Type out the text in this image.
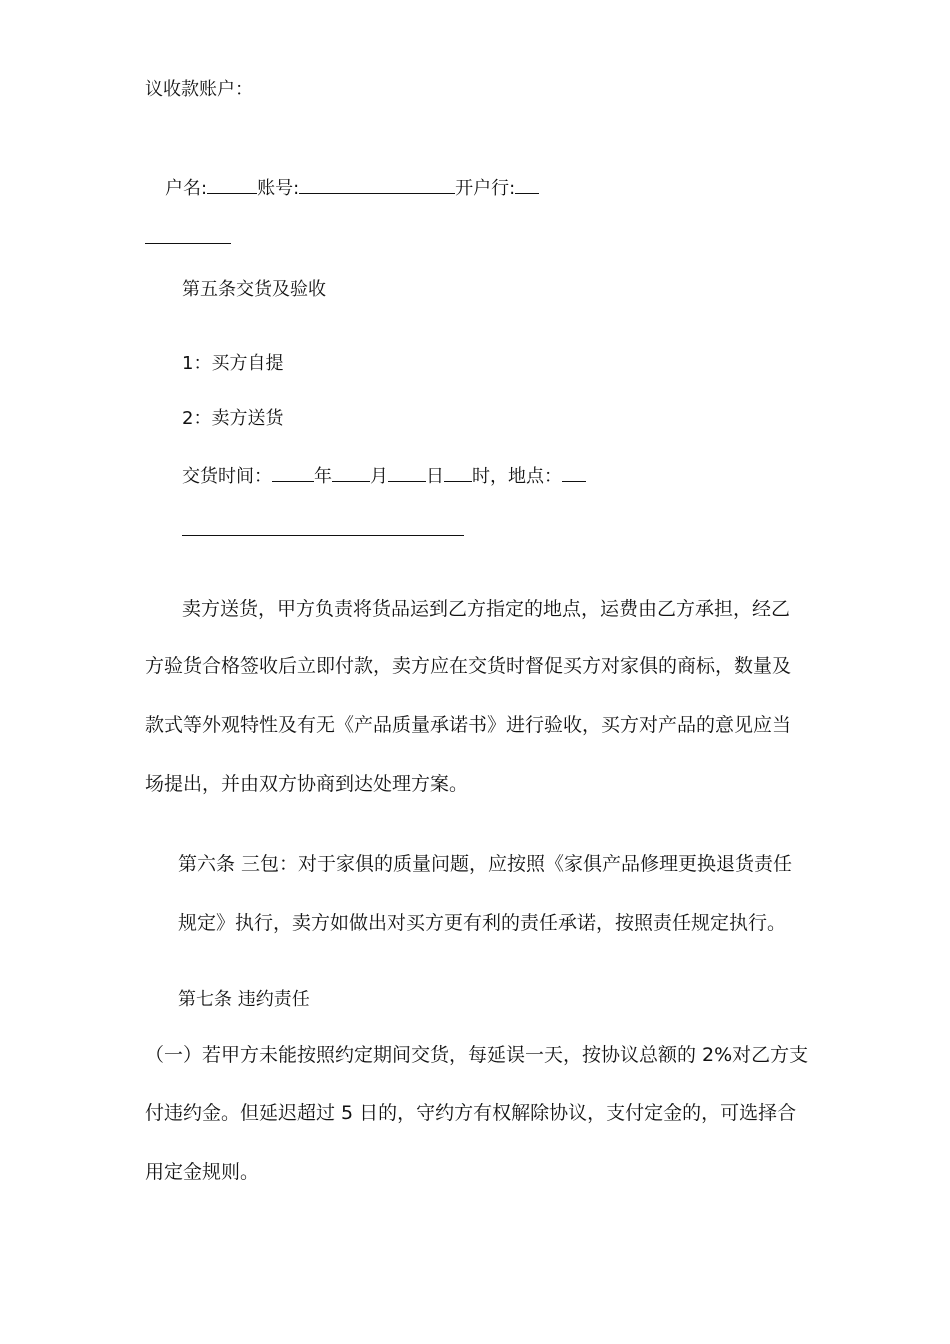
议收款账户：
户名:	账号:	开户行:
第五条交货及验收
1：买方自提
2：卖方送货
交货时间： 年 月 日 时，地点：
卖方送货，甲方负责将货品运到乙方指定的地点，运费由乙方承担，经乙
方验货合格签收后立即付款，卖方应在交货时督促买方对家俱的商标，数量及
款式等外观特性及有无《产品质量承诺书》进行验收，买方对产品的意见应当
场提出，并由双方协商到达处理方案。
第六条 三包：对于家俱的质量问题，应按照《家俱产品修理更换退货责任
规定》执行，卖方如做出对买方更有利的责任承诺，按照责任规定执行。
第七条 违约责任
（一）若甲方未能按照约定期间交货，每延误一天，按协议总额的 2%对乙方支
付违约金。但延迟超过 5 日的，守约方有权解除协议，支付定金的，可选择合
用定金规则。
